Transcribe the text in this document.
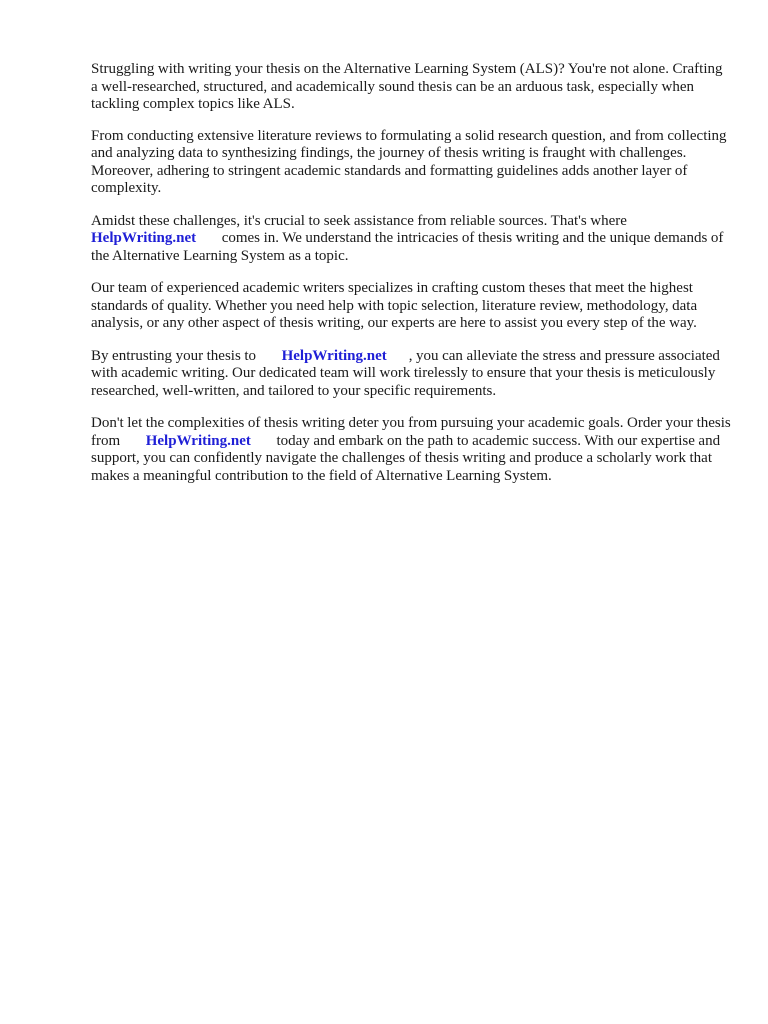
Struggling with writing your thesis on the Alternative Learning System (ALS)? You're not alone. Crafting a well-researched, structured, and academically sound thesis can be an arduous task, especially when tackling complex topics like ALS.

From conducting extensive literature reviews to formulating a solid research question, and from collecting and analyzing data to synthesizing findings, the journey of thesis writing is fraught with challenges. Moreover, adhering to stringent academic standards and formatting guidelines adds another layer of complexity.

Amidst these challenges, it's crucial to seek assistance from reliable sources. That's where
HelpWriting.net comes in. We understand the intricacies of thesis writing and the unique demands of the Alternative Learning System as a topic.

Our team of experienced academic writers specializes in crafting custom theses that meet the highest standards of quality. Whether you need help with topic selection, literature review, methodology, data analysis, or any other aspect of thesis writing, our experts are here to assist you every step of the way.

By entrusting your thesis to HelpWriting.net , you can alleviate the stress and pressure associated with academic writing. Our dedicated team will work tirelessly to ensure that your thesis is meticulously researched, well-written, and tailored to your specific requirements.

Don't let the complexities of thesis writing deter you from pursuing your academic goals. Order your thesis from HelpWriting.net today and embark on the path to academic success. With our expertise and support, you can confidently navigate the challenges of thesis writing and produce a scholarly work that makes a meaningful contribution to the field of Alternative Learning System.
